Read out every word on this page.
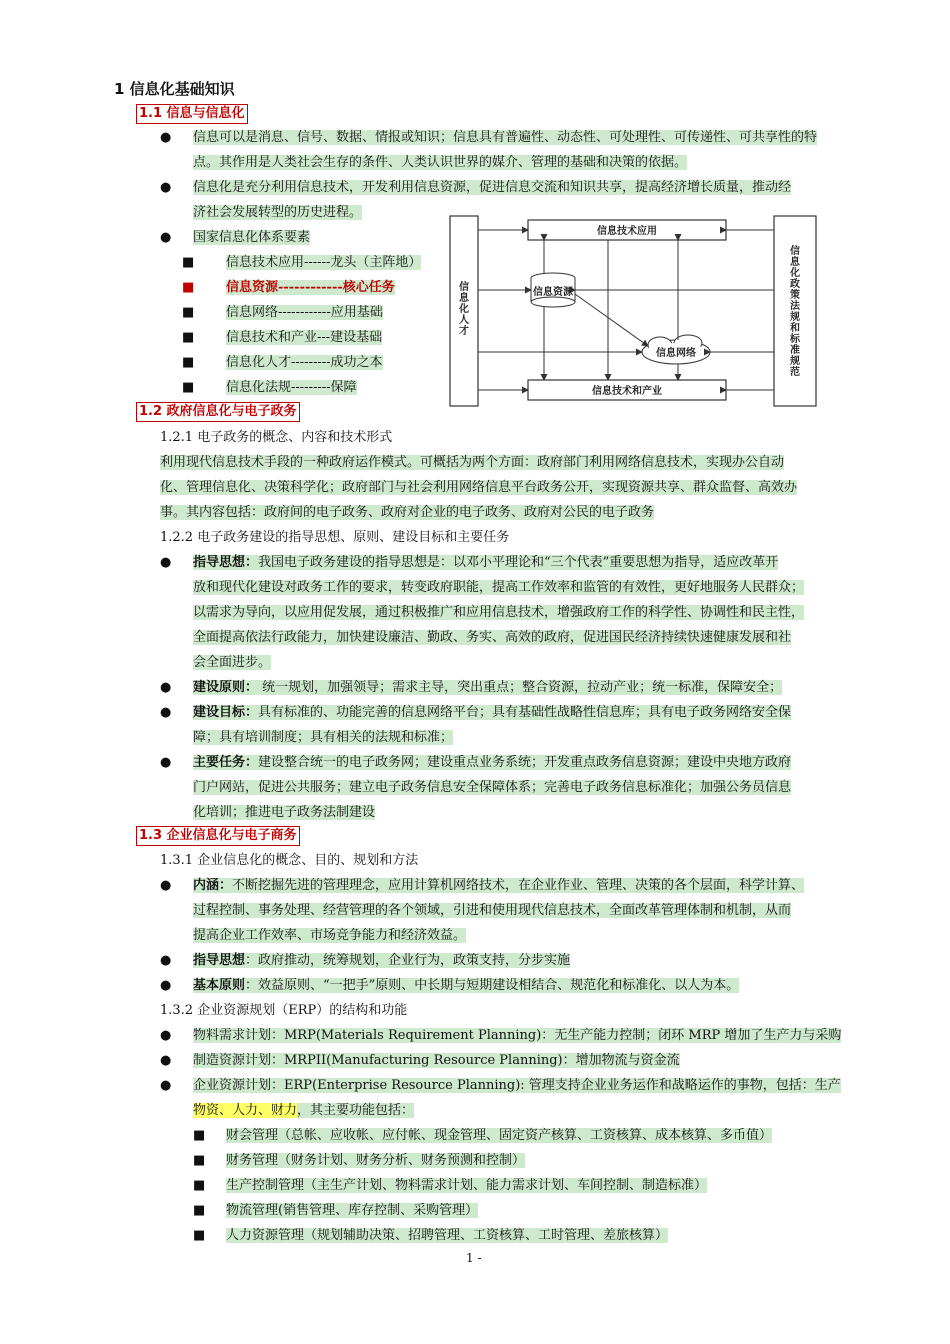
1 信息化基础知识
1.1 信息与信息化
● 信息可以是消息、信号、数据、情报或知识；信息具有普遍性、动态性、可处理性、可传递性、可共享性的特
点。其作用是人类社会生存的条件、人类认识世界的媒介、管理的基础和决策的依据。
● 信息化是充分利用信息技术，开发利用信息资源，促进信息交流和知识共享，提高经济增长质量，推动经
济社会发展转型的历史进程。
● 国家信息化体系要素
■ 信息技术应用------龙头（主阵地）
■ 信息资源------------核心任务
■ 信息网络------------应用基础
■ 信息技术和产业---建设基础
■ 信息化人才---------成功之本
■ 信息化法规---------保障
信息技术应用
信息技术和产业
信息资源
信息网络
信
息
化
人
才
信
息
化
政
策
法
规
和
标
准
规
范
1.2 政府信息化与电子政务
1.2.1 电子政务的概念、内容和技术形式
利用现代信息技术手段的一种政府运作模式。可概括为两个方面：政府部门利用网络信息技术，实现办公自动
化、管理信息化、决策科学化；政府部门与社会利用网络信息平台政务公开，实现资源共享、群众监督、高效办
事。其内容包括：政府间的电子政务、政府对企业的电子政务、政府对公民的电子政务
1.2.2 电子政务建设的指导思想、原则、建设目标和主要任务
● 指导思想：我国电子政务建设的指导思想是：以邓小平理论和“三个代表”重要思想为指导，适应改革开
放和现代化建设对政务工作的要求，转变政府职能，提高工作效率和监管的有效性，更好地服务人民群众；
以需求为导向，以应用促发展，通过积极推广和应用信息技术，增强政府工作的科学性、协调性和民主性，
全面提高依法行政能力，加快建设廉洁、勤政、务实、高效的政府，促进国民经济持续快速健康发展和社
会全面进步。
● 建设原则： 统一规划，加强领导；需求主导，突出重点；整合资源，拉动产业；统一标准，保障安全；
● 建设目标：具有标准的、功能完善的信息网络平台；具有基础性战略性信息库；具有电子政务网络安全保
障；具有培训制度；具有相关的法规和标准；
● 主要任务：建设整合统一的电子政务网；建设重点业务系统；开发重点政务信息资源；建设中央地方政府
门户网站，促进公共服务；建立电子政务信息安全保障体系；完善电子政务信息标准化；加强公务员信息
化培训；推进电子政务法制建设
1.3 企业信息化与电子商务
1.3.1 企业信息化的概念、目的、规划和方法
● 内涵：不断挖掘先进的管理理念，应用计算机网络技术，在企业作业、管理、决策的各个层面，科学计算、
过程控制、事务处理、经营管理的各个领域，引进和使用现代信息技术，全面改革管理体制和机制，从而
提高企业工作效率、市场竞争能力和经济效益。
● 指导思想：政府推动，统筹规划，企业行为，政策支持，分步实施
● 基本原则：效益原则、“一把手”原则、中长期与短期建设相结合、规范化和标准化、以人为本。
1.3.2 企业资源规划（ERP）的结构和功能
● 物料需求计划：MRP(Materials Requirement Planning)：无生产能力控制；闭环 MRP 增加了生产力与采购
● 制造资源计划：MRPII(Manufacturing Resource Planning)：增加物流与资金流
● 企业资源计划：ERP(Enterprise Resource Planning): 管理支持企业业务运作和战略运作的事物，包括：生产
物资、人力、财力，其主要功能包括：
■ 财会管理（总帐、应收帐、应付帐、现金管理、固定资产核算、工资核算、成本核算、多币值）
■ 财务管理（财务计划、财务分析、财务预测和控制）
■ 生产控制管理（主生产计划、物料需求计划、能力需求计划、车间控制、制造标准）
■ 物流管理(销售管理、库存控制、采购管理）
■ 人力资源管理（规划辅助决策、招聘管理、工资核算、工时管理、差旅核算）
1 -
